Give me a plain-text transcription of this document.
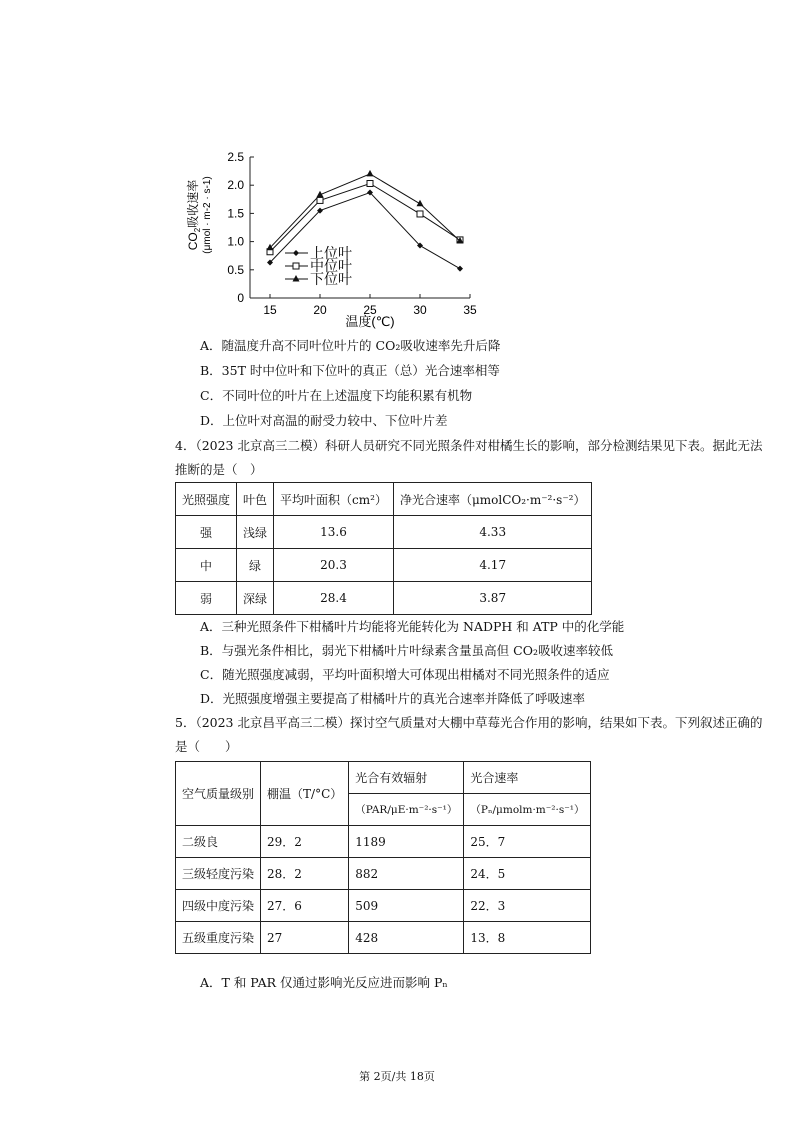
0
0.5
1.0
1.5
2.0
2.5
15	20	25	30	35
上位叶
中位叶
下位叶
温度(℃)
$CO_2$吸收速率 (μmol · m-2 · s-1)
A．随温度升高不同叶位叶片的 CO₂吸收速率先升后降
B．35T 时中位叶和下位叶的真正（总）光合速率相等
C．不同叶位的叶片在上述温度下均能积累有机物
D．上位叶对高温的耐受力较中、下位叶片差
4．（2023 北京高三二模）科研人员研究不同光照条件对柑橘生长的影响，部分检测结果见下表。据此无法
推断的是（　）
光照强度	叶色	平均叶面积（cm²）	净光合速率（μmolCO₂·m⁻²·s⁻²）
强	浅绿	13.6	4.33
中	绿	20.3	4.17
弱	深绿	28.4	3.87
A．三种光照条件下柑橘叶片均能将光能转化为 NADPH 和 ATP 中的化学能
B．与强光条件相比，弱光下柑橘叶片叶绿素含量虽高但 CO₂吸收速率较低
C．随光照强度减弱，平均叶面积增大可体现出柑橘对不同光照条件的适应
D．光照强度增强主要提高了柑橘叶片的真光合速率并降低了呼吸速率
5．（2023 北京昌平高三二模）探讨空气质量对大棚中草莓光合作用的影响，结果如下表。下列叙述正确的
是（　　）
空气质量级别	棚温（T/°C）	光合有效辐射	光合速率
		（PAR/μE·m⁻²·s⁻¹）	（Pₙ/μmolm·m⁻²·s⁻¹）
二级良	29．2	1189	25．7
三级轻度污染	28．2	882	24．5
四级中度污染	27．6	509	22．3
五级重度污染	27	428	13．8
A．T 和 PAR 仅通过影响光反应进而影响 Pₙ
第 2页/共 18页
